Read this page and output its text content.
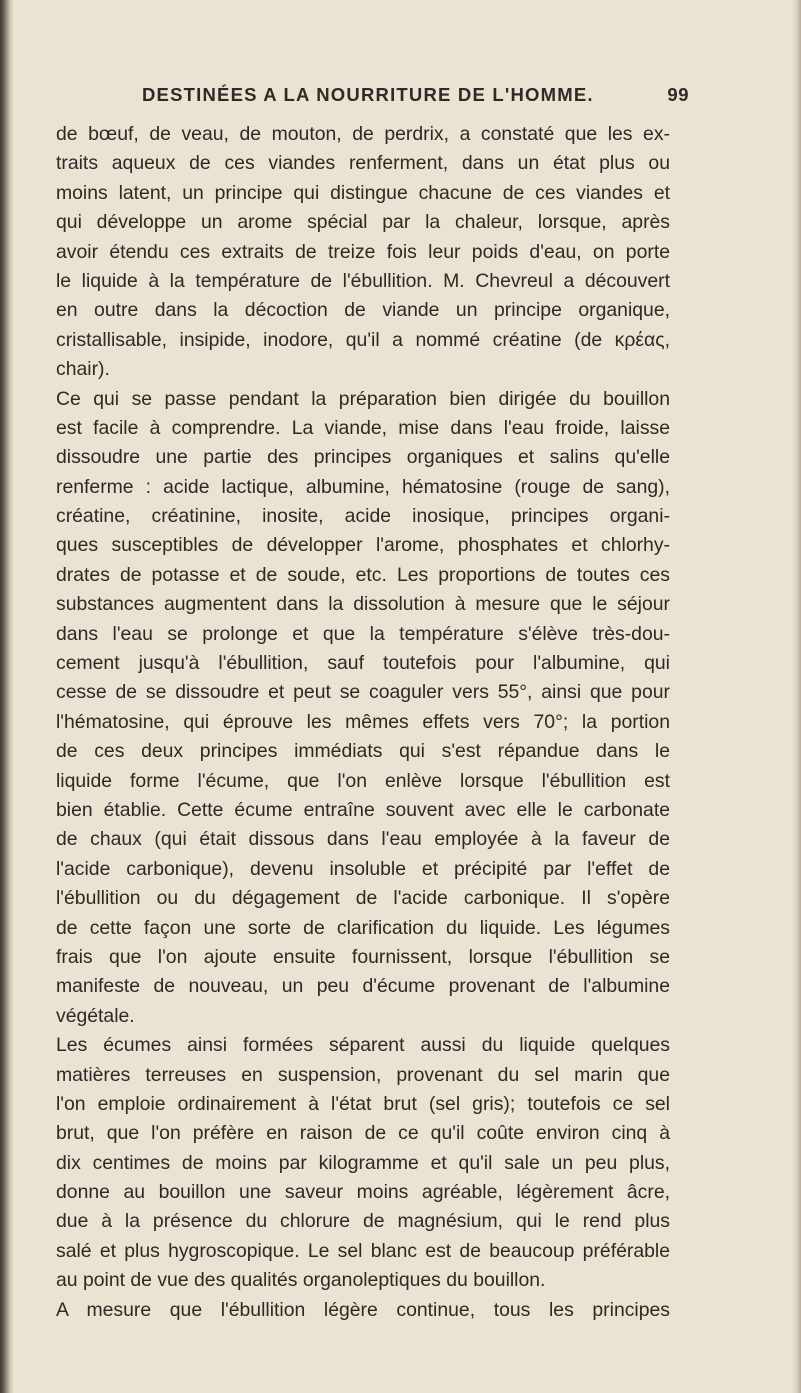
DESTINÉES A LA NOURRITURE DE L'HOMME.	99
de bœuf, de veau, de mouton, de perdrix, a constaté que les ex-
traits aqueux de ces viandes renferment, dans un état plus ou
moins latent, un principe qui distingue chacune de ces viandes et
qui développe un arome spécial par la chaleur, lorsque, après
avoir étendu ces extraits de treize fois leur poids d'eau, on porte
le liquide à la température de l'ébullition. M. Chevreul a découvert
en outre dans la décoction de viande un principe organique,
cristallisable, insipide, inodore, qu'il a nommé créatine (de κρέας,
chair).
Ce qui se passe pendant la préparation bien dirigée du bouillon
est facile à comprendre. La viande, mise dans l'eau froide, laisse
dissoudre une partie des principes organiques et salins qu'elle
renferme : acide lactique, albumine, hématosine (rouge de sang),
créatine, créatinine, inosite, acide inosique, principes organi-
ques susceptibles de développer l'arome, phosphates et chlorhy-
drates de potasse et de soude, etc. Les proportions de toutes ces
substances augmentent dans la dissolution à mesure que le séjour
dans l'eau se prolonge et que la température s'élève très-dou-
cement jusqu'à l'ébullition, sauf toutefois pour l'albumine, qui
cesse de se dissoudre et peut se coaguler vers 55°, ainsi que pour
l'hématosine, qui éprouve les mêmes effets vers 70°; la portion
de ces deux principes immédiats qui s'est répandue dans le
liquide forme l'écume, que l'on enlève lorsque l'ébullition est
bien établie. Cette écume entraîne souvent avec elle le carbonate
de chaux (qui était dissous dans l'eau employée à la faveur de
l'acide carbonique), devenu insoluble et précipité par l'effet de
l'ébullition ou du dégagement de l'acide carbonique. Il s'opère
de cette façon une sorte de clarification du liquide. Les légumes
frais que l'on ajoute ensuite fournissent, lorsque l'ébullition se
manifeste de nouveau, un peu d'écume provenant de l'albumine
végétale.
Les écumes ainsi formées séparent aussi du liquide quelques
matières terreuses en suspension, provenant du sel marin que
l'on emploie ordinairement à l'état brut (sel gris); toutefois ce sel
brut, que l'on préfère en raison de ce qu'il coûte environ cinq à
dix centimes de moins par kilogramme et qu'il sale un peu plus,
donne au bouillon une saveur moins agréable, légèrement âcre,
due à la présence du chlorure de magnésium, qui le rend plus
salé et plus hygroscopique. Le sel blanc est de beaucoup préférable
au point de vue des qualités organoleptiques du bouillon.
A mesure que l'ébullition légère continue, tous les principes
